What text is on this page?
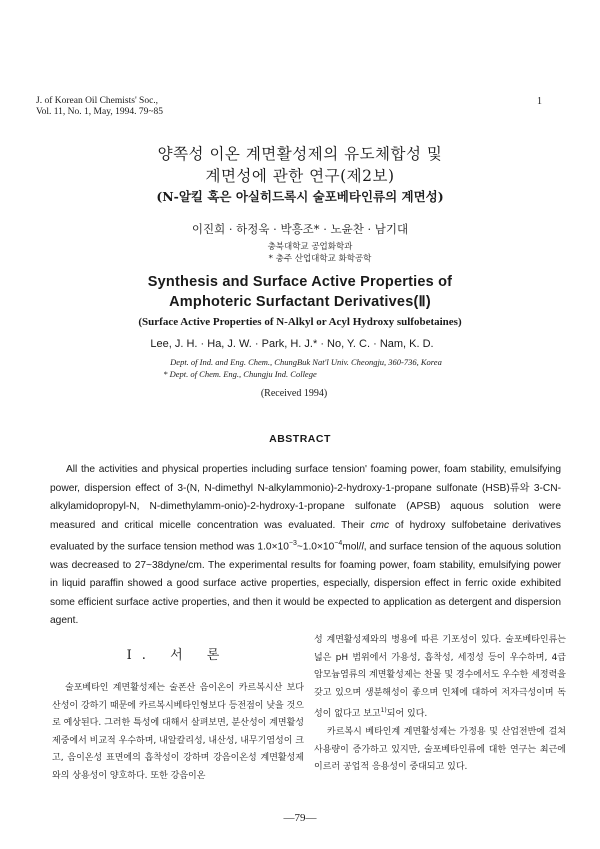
J. of Korean Oil Chemists' Soc.,
Vol. 11, No. 1, May, 1994. 79~85
1
양쪽성 이온 계면활성제의 유도체합성 및
계면성에 관한 연구(제2보)
(N-알킬 혹은 아실히드록시 술포베타인류의 계면성)
이진희 · 하정욱 · 박흥조* · 노윤찬 · 남기대
충북대학교 공업화학과
* 충주 산업대학교 화학공학
Synthesis and Surface Active Properties of
Amphoteric Surfactant Derivatives(Ⅱ)
(Surface Active Properties of N-Alkyl or Acyl Hydroxy sulfobetaines)
Lee, J. H. · Ha, J. W. · Park, H. J.* · No, Y. C. · Nam, K. D.
Dept. of Ind. and Eng. Chem., ChungBuk Nat'l Univ. Cheongju, 360-736, Korea
* Dept. of Chem. Eng., Chungju Ind. College
(Received 1994)
ABSTRACT

All the activities and physical properties including surface tension' foaming power, foam stability, emulsifying power, dispersion effect of 3-(N, N-dimethyl N-alkylammonio)-2-hydroxy-1-propane sulfonate (HSB)류와 3-CN-alkylamidopropyl-N, N-dimethylamm-onio)-2-hydroxy-1-propane sulfonate (APSB) aquous solution were measured and critical micelle concentration was evaluated. Their cmc of hydroxy sulfobetaine derivatives evaluated by the surface tension method was $1.0\times 10^{-3}\sim 1.0\times 10^{-4}mol/l$, and surface tension of the aquous solution was decreased to 27~38dyne/cm. The experimental results for foaming power, foam stability, emulsifying power in liquid paraffin showed a good surface active properties, especially, dispersion effect in ferric oxide exhibited some efficient surface active properties, and then it would be expected to application as detergent and dispersion agent.

I. 서 론

술포베타인 계면활성제는 술폰산 음이온이 카르복시산 보다 산성이 강하기 때문에 카르복시베타인형보다 등전점이 낮을 것으로 예상된다. 그러한 특성에 대해서 살펴보면, 분산성이 계면활성제중에서 비교적 우수하며, 내알칼리성, 내산성, 내무기염성이 크고, 음이온성 표면에의 흡착성이 강하며 강음이온성 계면활성제와의 상용성이 양호하다. 또한 강음이온

성 계면활성제와의 병용에 따른 기포성이 있다. 술포베타인류는 넓은 pH 범위에서 가용성, 흡착성, 세정성 등이 우수하며, 4급 암모늄염류의 계면활성제는 찬물 및 경수에서도 우수한 세정력을 갖고 있으며 생분해성이 좋으며 인체에 대하여 저자극성이며 독성이 없다고 보고$^{1)}$되어 있다.

카르복시 베타인계 계면활성제는 가정용 및 산업전반에 걸쳐 사용량이 증가하고 있지만, 술포베타인류에 대한 연구는 최근에 이르러 공업적 응용성이 중대되고 있다.

—79—
